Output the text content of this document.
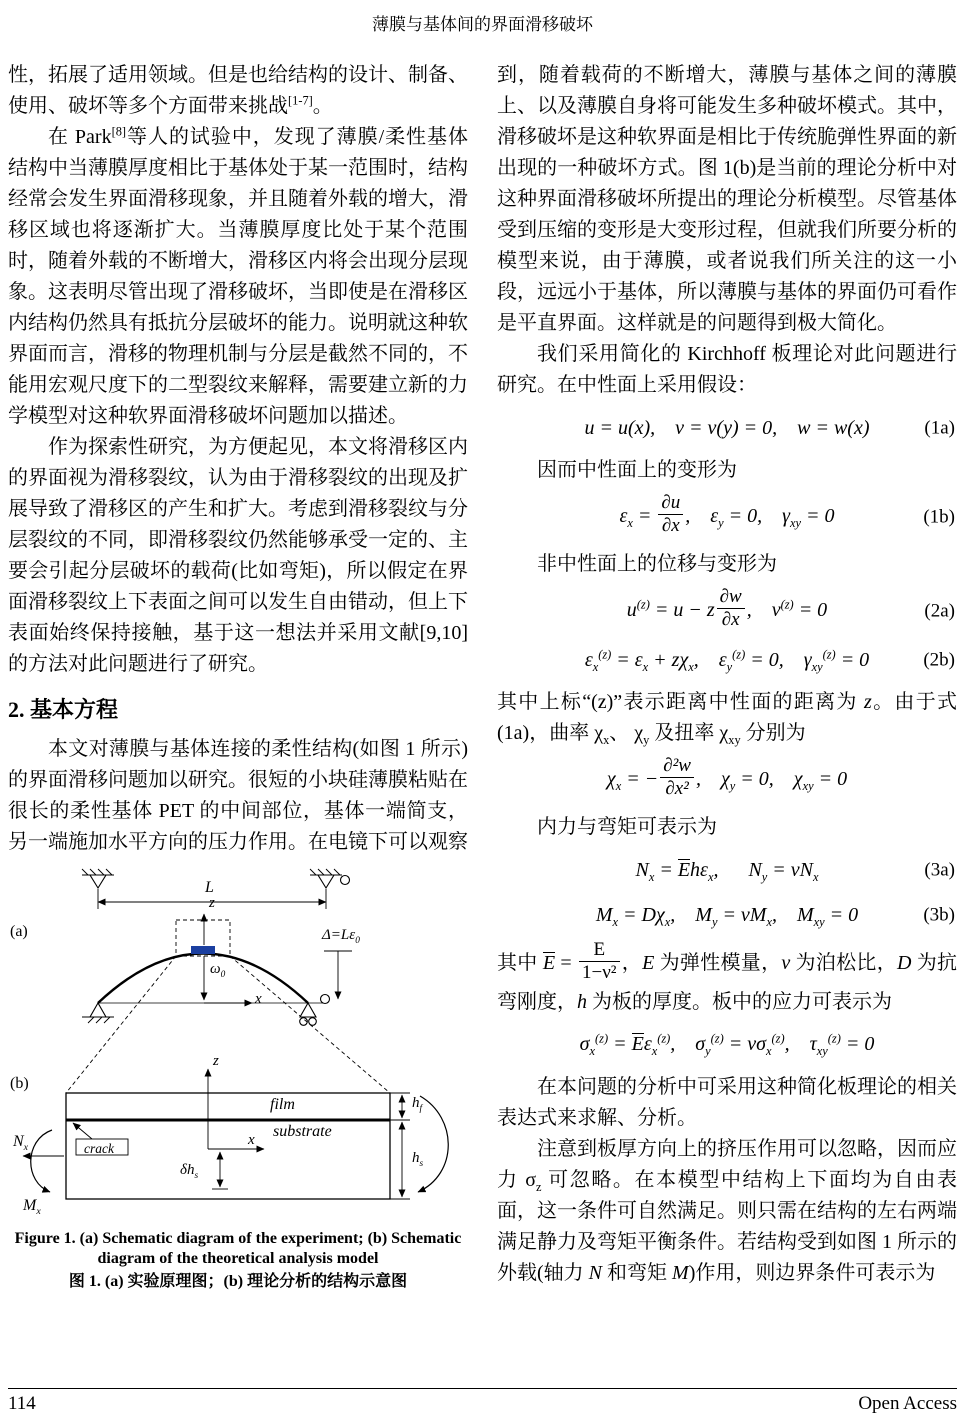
薄膜与基体间的界面滑移破坏

性，拓展了适用领域。但是也给结构的设计、制备、使用、破坏等多个方面带来挑战[1-7]。

在 Park[8]等人的试验中，发现了薄膜/柔性基体结构中当薄膜厚度相比于基体处于某一范围时，结构经常会发生界面滑移现象，并且随着外载的增大，滑移区域也将逐渐扩大。当薄膜厚度比处于某个范围时，随着外载的不断增大，滑移区内将会出现分层现象。这表明尽管出现了滑移破坏，当即使是在滑移区内结构仍然具有抵抗分层破坏的能力。说明就这种软界面而言，滑移的物理机制与分层是截然不同的，不能用宏观尺度下的二型裂纹来解释，需要建立新的力学模型对这种软界面滑移破坏问题加以描述。

作为探索性研究，为方便起见，本文将滑移区内的界面视为滑移裂纹，认为由于滑移裂纹的出现及扩展导致了滑移区的产生和扩大。考虑到滑移裂纹与分层裂纹的不同，即滑移裂纹仍然能够承受一定的、主要会引起分层破坏的载荷(比如弯矩)，所以假定在界面滑移裂纹上下表面之间可以发生自由错动，但上下表面始终保持接触，基于这一想法并采用文献[9,10]的方法对此问题进行了研究。

2. 基本方程

本文对薄膜与基体连接的柔性结构(如图 1 所示)的界面滑移问题加以研究。很短的小块硅薄膜粘贴在很长的柔性基体 PET 的中间部位，基体一端简支，另一端施加水平方向的压力作用。在电镜下可以观察

(a)
L
z
$\omega_0$
x
$\Delta=L\varepsilon_0$
(b)
z
film
substrate
crack
x
$\delta h_s$
$N_x$
$M_x$
$h_f$
$h_s$
Figure 1. (a) Schematic diagram of the experiment; (b) Schematic diagram of the theoretical analysis model
图 1. (a) 实验原理图；(b) 理论分析的结构示意图

到，随着载荷的不断增大，薄膜与基体之间的薄膜上、以及薄膜自身将可能发生多种破坏模式。其中，滑移破坏是这种软界面是相比于传统脆弹性界面的新出现的一种破坏方式。图 1(b)是当前的理论分析中对这种界面滑移破坏所提出的理论分析模型。尽管基体受到压缩的变形是大变形过程，但就我们所要分析的模型来说，由于薄膜，或者说我们所关注的这一小段，远远小于基体，所以薄膜与基体的界面仍可看作是平直界面。这样就是的问题得到极大简化。

我们采用简化的 Kirchhoff 板理论对此问题进行研究。在中性面上采用假设：

u = u(x),  v = v(y) = 0,  w = w(x)	(1a)

因而中性面上的变形为

$\varepsilon_x = \frac{\partial u}{\partial x}$ ,  $\varepsilon_y = 0$,  $\gamma_{xy} = 0$	(1b)

非中性面上的位移与变形为

$u^{(z)} = u - z \frac{\partial w}{\partial x}$ ,  $v^{(z)} = 0$	(2a)
$\varepsilon_x^{(z)} = \varepsilon_x + z\chi_x$,  $\varepsilon_y^{(z)} = 0$,  $\gamma_{xy}^{(z)} = 0$	(2b)

其中上标“(z)”表示距离中性面的距离为 z。由于式(1a)，曲率 $\chi_x$、 $\chi_y$ 及扭率 $\chi_{xy}$ 分别为

$\chi_x$ = − $\frac{\text{∂²w}}{\text{∂x²}}$ ,  $\chi_y = 0$,  $\chi_{xy} = 0$

内力与弯矩可表示为

$N_x = Eh\varepsilon_x$,   $N_y = \nu N_x$	(3a)
$M_x = D\chi_x$,  $M_y = \nu M_x$,  $M_{xy} = 0$	(3b)

其中 $E = \frac{E}{\text{1−ν²}}$ ，E 为弹性模量，ν 为泊松比，D 为抗弯刚度，h 为板的厚度。板中的应力可表示为

$\sigma_x^{(z)} = E\varepsilon_x^{(z)}$,  $\sigma_y^{(z)} = \nu\sigma_x^{(z)}$,  $\tau_{xy}^{(z)} = 0$

在本问题的分析中可采用这种简化板理论的相关表达式来求解、分析。

注意到板厚方向上的挤压作用可以忽略，因而应力 $\sigma_z$ 可忽略。在本模型中结构上下面均为自由表面，这一条件可自然满足。则只需在结构的左右两端满足静力及弯矩平衡条件。若结构受到如图 1 所示的外载(轴力 N 和弯矩 M)作用，则边界条件可表示为

114	Open Access
